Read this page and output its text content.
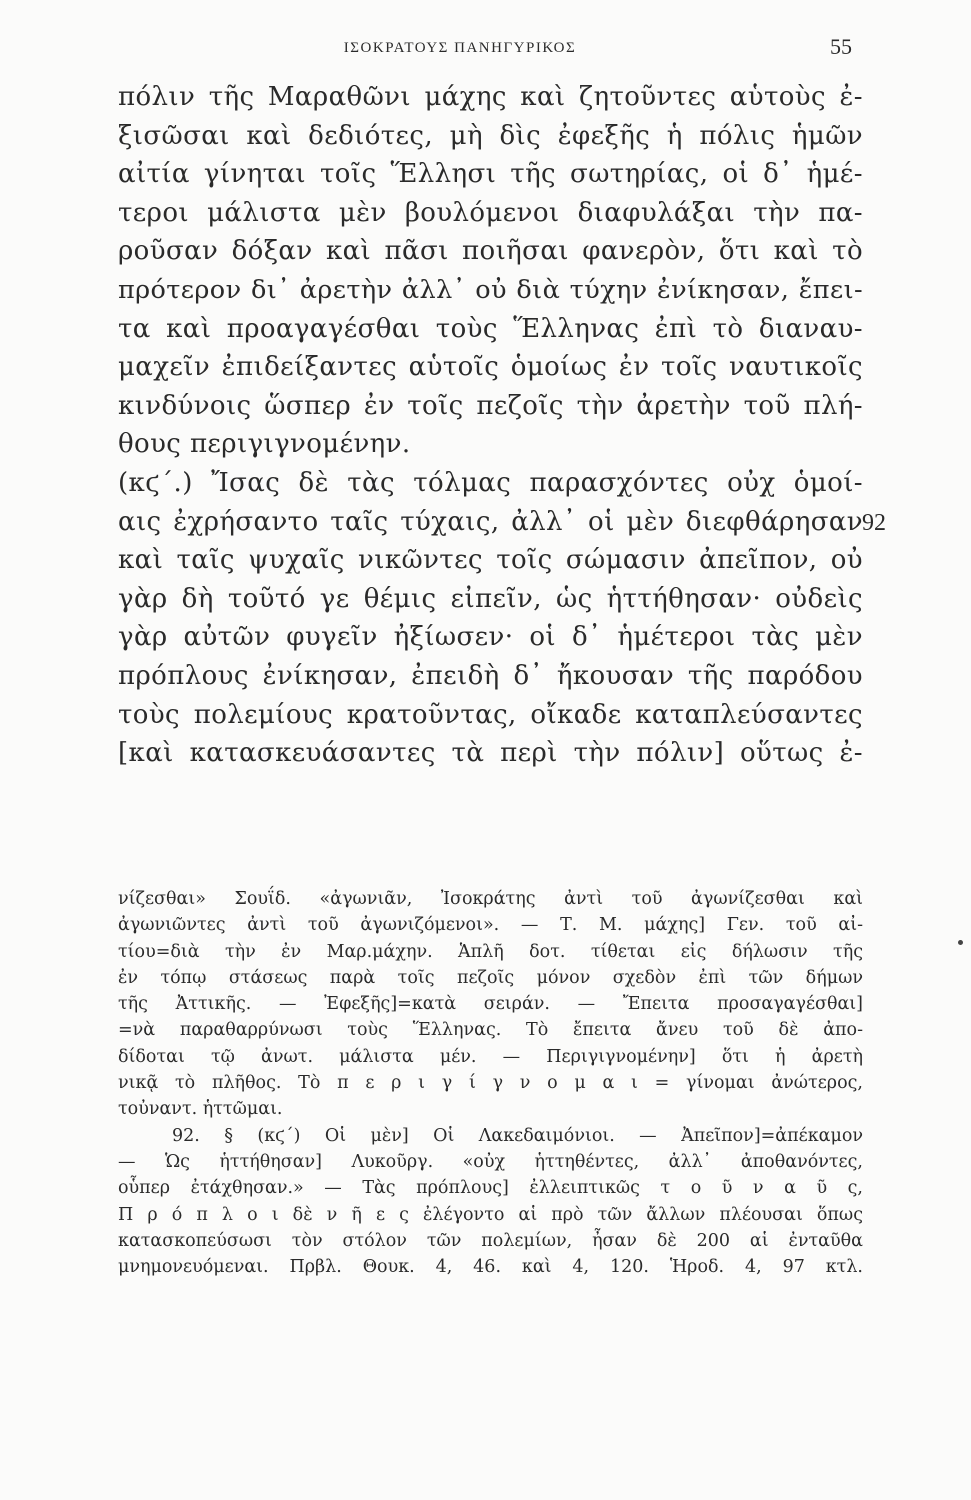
ΙΣΟΚΡΑΤΟΥΣ ΠΑΝΗΓΥΡΙΚΟΣ	55
πόλιν τῆς Μαραθῶνι μάχης καὶ ζητοῦντες αὑτοὺς ἐ-
ξισῶσαι καὶ δεδιότες, μὴ δὶς ἐφεξῆς ἡ πόλις ἡμῶν
αἰτία γίνηται τοῖς Ἕλλησι τῆς σωτηρίας, οἱ δ᾽ ἡμέ-
τεροι μάλιστα μὲν βουλόμενοι διαφυλάξαι τὴν πα-
ροῦσαν δόξαν καὶ πᾶσι ποιῆσαι φανερὸν, ὅτι καὶ τὸ
πρότερον δι᾽ ἀρετὴν ἀλλ᾽ οὐ διὰ τύχην ἐνίκησαν, ἔπει-
τα καὶ προαγαγέσθαι τοὺς Ἕλληνας ἐπὶ τὸ διαναυ-
μαχεῖν ἐπιδείξαντες αὑτοῖς ὁμοίως ἐν τοῖς ναυτικοῖς
κινδύνοις ὥσπερ ἐν τοῖς πεζοῖς τὴν ἀρετὴν τοῦ πλή-
θους περιγιγνομένην.
(κϛ΄.) Ἴσας δὲ τὰς τόλμας παρασχόντες οὐχ ὁμοί-
αις ἐχρήσαντο ταῖς τύχαις, ἀλλ᾽ οἱ μὲν διεφθάρησαν
καὶ ταῖς ψυχαῖς νικῶντες τοῖς σώμασιν ἀπεῖπον, οὐ
γὰρ δὴ τοῦτό γε θέμις εἰπεῖν, ὡς ἡττήθησαν· οὐδεὶς
γὰρ αὐτῶν φυγεῖν ἠξίωσεν· οἱ δ᾽ ἡμέτεροι τὰς μὲν
πρόπλους ἐνίκησαν, ἐπειδὴ δ᾽ ἤκουσαν τῆς παρόδου
τοὺς πολεμίους κρατοῦντας, οἴκαδε καταπλεύσαντες
[καὶ κατασκευάσαντες τὰ περὶ τὴν πόλιν] οὕτως ἐ-
92
νίζεσθαι» Σουΐδ. «ἀγωνιᾶν, Ἰσοκράτης ἀντὶ τοῦ ἀγωνίζεσθαι καὶ
ἀγωνιῶντες ἀντὶ τοῦ ἀγωνιζόμενοι». — Τ. Μ. μάχης] Γεν. τοῦ αἰ-
τίου=διὰ τὴν ἐν Μαρ.μάχην. Ἁπλῆ δοτ. τίθεται εἰς δήλωσιν τῆς
ἐν τόπῳ στάσεως παρὰ τοῖς πεζοῖς μόνον σχεδὸν ἐπὶ τῶν δήμων
τῆς Ἀττικῆς. — Ἐφεξῆς]=κατὰ σειράν. — Ἔπειτα προσαγαγέσθαι]
=νὰ παραθαρρύνωσι τοὺς Ἕλληνας. Τὸ ἔπειτα ἄνευ τοῦ δὲ ἀπο-
δίδοται τῷ ἀνωτ. μάλιστα μέν. — Περιγιγνομένην] ὅτι ἡ ἀρετὴ
νικᾷ τὸ πλῆθος. Τὸ π ε ρ ι γ ί γ ν ο μ α ι = γίνομαι ἀνώτερος,
τοὐναντ. ἡττῶμαι.
92. § (κϛ΄) Οἱ μὲν] Οἱ Λακεδαιμόνιοι. — Ἀπεῖπον]=ἀπέκαμον
— Ὡς ἡττήθησαν] Λυκοῦργ. «οὐχ ἡττηθέντες, ἀλλ᾽ ἀποθανόντες,
οὗπερ ἐτάχθησαν.» — Τὰς πρόπλους] ἐλλειπτικῶς τ ο ῦ ν α ῦ ς,
Π ρ ό π λ ο ι δὲ ν ῆ ε ς ἐλέγοντο αἱ πρὸ τῶν ἄλλων πλέουσαι ὅπως
κατασκοπεύσωσι τὸν στόλον τῶν πολεμίων, ἦσαν δὲ 200 αἱ ἐνταῦθα
μνημονευόμεναι. Πρβλ. Θουκ. 4, 46. καὶ 4, 120. Ἡροδ. 4, 97 κτλ.
